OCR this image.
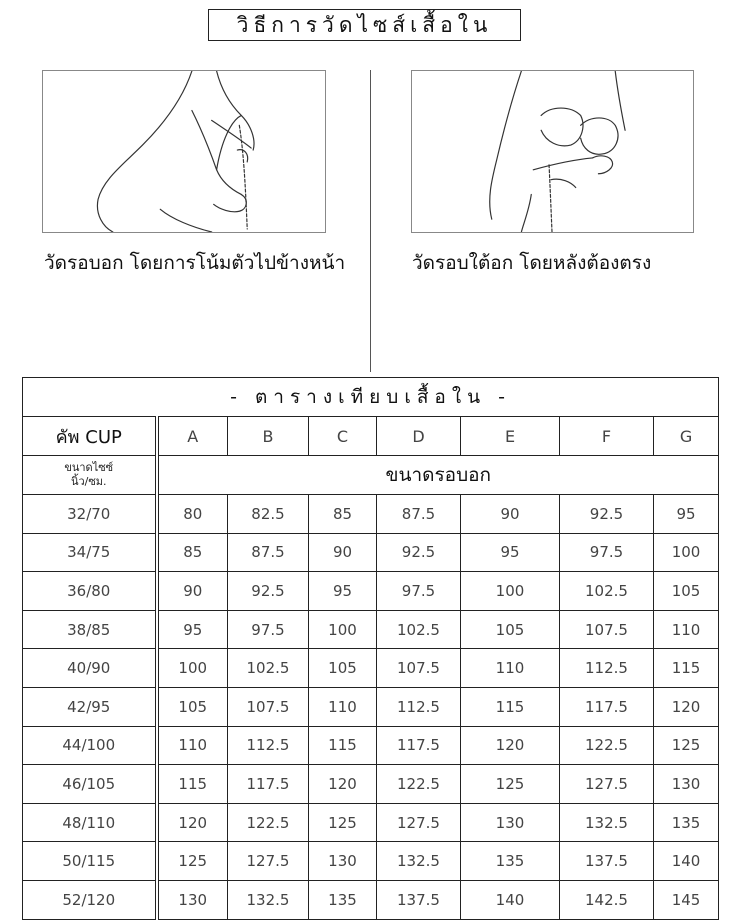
วิธีการวัดไซส์เสื้อใน
วัดรอบอก โดยการโน้มตัวไปข้างหน้า	วัดรอบใต้อก โดยหลังต้องตรง
- ตารางเทียบเสื้อใน -							
คัพ CUP	A	B	C	D	E	F	G

ขนาดไซซ์
นิ้ว/ซม.	ขนาดรอบอก						
32/70	80	82.5	85	87.5	90	92.5	95
34/75	85	87.5	90	92.5	95	97.5	100
36/80	90	92.5	95	97.5	100	102.5	105
38/85	95	97.5	100	102.5	105	107.5	110
40/90	100	102.5	105	107.5	110	112.5	115
42/95	105	107.5	110	112.5	115	117.5	120
44/100	110	112.5	115	117.5	120	122.5	125
46/105	115	117.5	120	122.5	125	127.5	130
48/110	120	122.5	125	127.5	130	132.5	135
50/115	125	127.5	130	132.5	135	137.5	140
52/120	130	132.5	135	137.5	140	142.5	145
